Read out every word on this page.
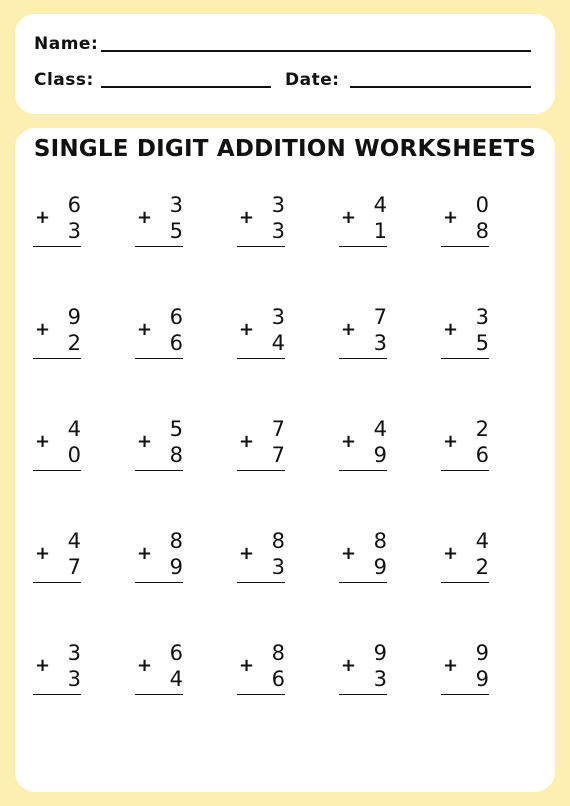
Name:
Class:	Date:
SINGLE DIGIT ADDITION WORKSHEETS
6
+
3
3
+
5
3
+
3
4
+
1
0
+
8
9
+
2
6
+
6
3
+
4
7
+
3
3
+
5
4
+
0
5
+
8
7
+
7
4
+
9
2
+
6
4
+
7
8
+
9
8
+
3
8
+
9
4
+
2
3
+
3
6
+
4
8
+
6
9
+
3
9
+
9
